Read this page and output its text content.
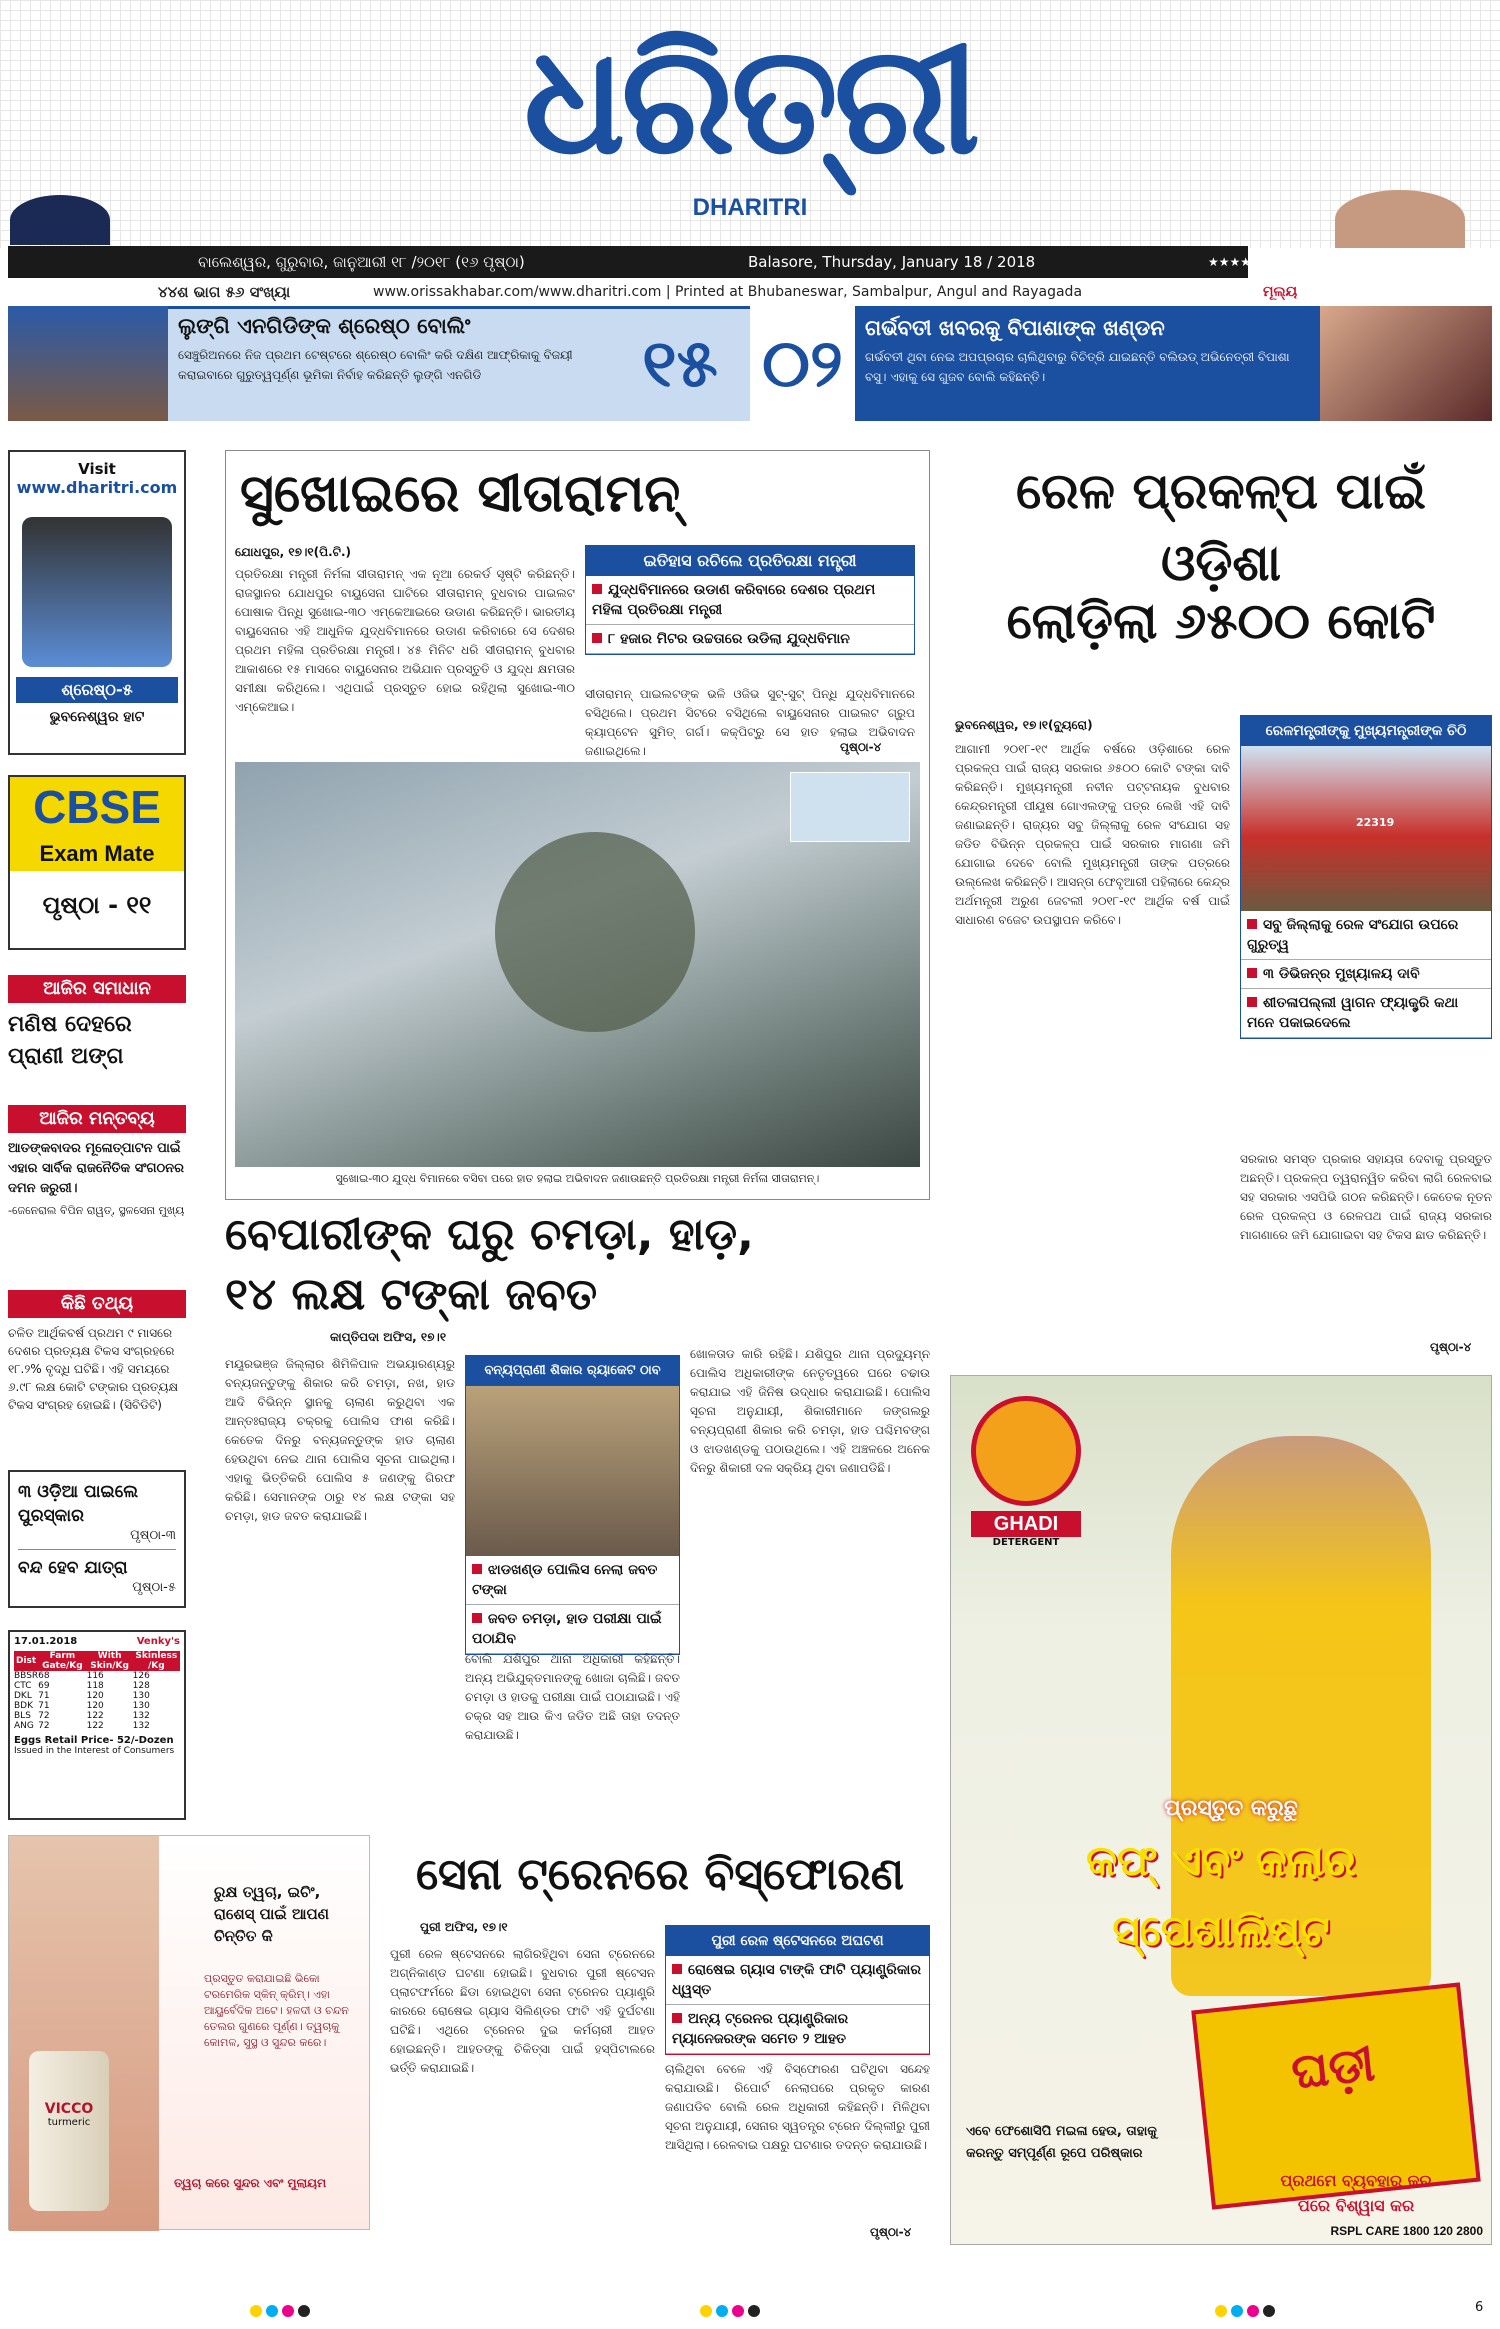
ଧରିତ୍ରୀ
DHARITRI
ବାଲେଶ୍ୱର, ଗୁରୁବାର, ଜାନୁଆରୀ ୧୮ /୨୦୧୮ (୧୬ ପୃଷ୍ଠା)	Balasore, Thursday, January 18 / 2018	★★★★
୪୪ଶ ଭାଗ ୫୬ ସଂଖ୍ୟା	www.orissakhabar.com/www.dharitri.com | Printed at Bhubaneswar, Sambalpur, Angul and Rayagada	ମୂଲ୍ୟ
ଲୁଙ୍ଗି ଏନଗିଡିଙ୍କ ଶ୍ରେଷ୍ଠ ବୋଲିଂ
ସେଞ୍ଚୁରିଅନରେ ନିଜ ପ୍ରଥମ ଟେଷ୍ଟରେ ଶ୍ରେଷ୍ଠ ବୋଲିଂ କରି ଦକ୍ଷିଣ ଆଫ୍ରିକାକୁ ବିଜୟୀ କରାଇବାରେ ଗୁରୁତ୍ୱପୂର୍ଣ୍ଣ ଭୂମିକା ନିର୍ବାହ କରିଛନ୍ତି ଲୁଙ୍ଗି ଏନଗିଡି	୧୫ ୦୨	ଗର୍ଭବତୀ ଖବରକୁ ବିପାଶାଙ୍କ ଖଣ୍ଡନ
ଗର୍ଭବତୀ ଥିବା ନେଇ ଅପପ୍ରଚାର ଚାଲିଥିବାରୁ ବିଚିତ୍ରି ଯାଇଛନ୍ତି ବଲିଉଡ୍ ଅଭିନେତ୍ରୀ ବିପାଶା ବସୁ। ଏହାକୁ ସେ ଗୁଜବ ବୋଲି କହିଛନ୍ତି।
Visit
www.dharitri.com
ଶ୍ରେଷ୍ଠ-୫
ଭୁବନେଶ୍ୱର ହାଟ
CBSE
Exam Mate
ପୃଷ୍ଠା - ୧୧
ଆଜିର ସମାଧାନ
ମଣିଷ ଦେହରେ ପ୍ରାଣୀ ଅଙ୍ଗ
ଆଜିର ମନ୍ତବ୍ୟ
ଆତଙ୍କବାଦର ମୂଳୋତ୍ପାଟନ ପାଇଁ ଏହାର ସାର୍ବିକ ରାଜନୈତିକ ସଂଗଠନର ଦମନ ଜରୁରୀ।
-ଜେନେରାଲ ବିପିନ ରାୱତ୍, ସ୍ଥଳସେନା ମୁଖ୍ୟ
କିଛି ତଥ୍ୟ
ଚଳିତ ଆର୍ଥିକବର୍ଷ ପ୍ରଥମ ୯ ମାସରେ ଦେଶର ପ୍ରତ୍ୟକ୍ଷ ଟିକସ ସଂଗ୍ରହରେ ୧୮.୨% ବୃଦ୍ଧି ଘଟିଛି। ଏହି ସମୟରେ ୬.୯୮ ଲକ୍ଷ କୋଟି ଟଙ୍କାର ପ୍ରତ୍ୟକ୍ଷ ଟିକସ ସଂଗ୍ରହ ହୋଇଛି। (ସିବିଡିଟି)
୩ ଓଡ଼ିଆ ପାଇଲେ ପୁରସ୍କାର
ପୃଷ୍ଠା-୩
ବନ୍ଦ ହେବ ଯାତ୍ରା
ପୃଷ୍ଠା-୫
17.01.2018	Venky's
Dist	Farm Gate/Kg	With Skin/Kg	Skinless /Kg
BBSR	68	116	126
CTC	69	118	128
DKL	71	120	130
BDK	71	120	130
BLS	72	122	132
ANG	72	122	132
Eggs Retail Price- 52/-Dozen
Issued in the Interest of Consumers
ସୁଖୋଇରେ ସୀତାରାମନ୍
ଯୋଧପୁର, ୧୭।୧(ପି.ଟି.)
ପ୍ରତିରକ୍ଷା ମନ୍ତ୍ରୀ ନିର୍ମଳା ସୀତାରାମନ୍ ଏକ ନୂଆ ରେକର୍ଡ ସୃଷ୍ଟି କରିଛନ୍ତି। ରାଜସ୍ଥାନର ଯୋଧପୁର ବାୟୁସେନା ଘାଟିରେ ସୀତାରାମନ୍ ବୁଧବାର ପାଇଲଟ ପୋଷାକ ପିନ୍ଧି ସୁଖୋଇ-୩୦ ଏମ୍‌କେଆଇରେ ଉଡାଣ କରିଛନ୍ତି। ଭାରତୀୟ ବାୟୁସେନାର ଏହି ଆଧୁନିକ ଯୁଦ୍ଧବିମାନରେ ଉଡାଣ କରିବାରେ ସେ ଦେଶର ପ୍ରଥମ ମହିଳା ପ୍ରତିରକ୍ଷା ମନ୍ତ୍ରୀ। ୪୫ ମିନିଟ ଧରି ସୀତାରାମନ୍ ବୁଧବାର ଆକାଶରେ ୧୫ ମାସରେ ବାୟୁସେନାର ଅଭିଯାନ ପ୍ରସ୍ତୁତି ଓ ଯୁଦ୍ଧ କ୍ଷମତାର ସମୀକ୍ଷା କରିଥିଲେ। ଏଥିପାଇଁ ପ୍ରସ୍ତୁତ ହୋଇ ରହିଥିଲା ସୁଖୋଇ-୩୦ ଏମ୍‌କେଆଇ।
ଇତିହାସ ରଚିଲେ ପ୍ରତିରକ୍ଷା ମନ୍ତ୍ରୀ
ଯୁଦ୍ଧବିମାନରେ ଉଡାଣ କରିବାରେ ଦେଶର ପ୍ରଥମ ମହିଳା ପ୍ରତିରକ୍ଷା ମନ୍ତ୍ରୀ
୮ ହଜାର ମିଟର ଉଚ୍ଚତାରେ ଉଡିଲା ଯୁଦ୍ଧବିମାନ
ସୀତାରାମନ୍ ପାଇଲଟଙ୍କ ଭଳି ଓଜିଭ ସୁଟ୍-ସୁଟ୍ ପିନ୍ଧି ଯୁଦ୍ଧବିମାନରେ ବସିଥିଲେ। ପ୍ରଥମ ସିଟରେ ବସିଥିଲେ ବାୟୁସେନାର ପାଇଲଟ ଗ୍ରୁପ କ୍ୟାପ୍ଟେନ ସୁମିତ୍ ଗର୍ଗ। କକ୍‌ପିଟ୍‌ରୁ ସେ ହାତ ହଲାଇ ଅଭିବାଦନ ଜଣାଇଥିଲେ।	ପୃଷ୍ଠା-୪
ସୁଖୋଇ-୩୦ ଯୁଦ୍ଧ ବିମାନରେ ବସିବା ପରେ ହାତ ହଲାଇ ଅଭିବାଦନ ଜଣାଉଛନ୍ତି ପ୍ରତିରକ୍ଷା ମନ୍ତ୍ରୀ ନିର୍ମଳା ସୀତାରାମନ୍।
ରେଳ ପ୍ରକଳ୍ପ ପାଇଁ ଓଡ଼ିଶା
ଲୋଡ଼ିଲା ୬୫୦୦ କୋଟି
ଭୁବନେଶ୍ୱର, ୧୭।୧(ବ୍ୟୁରୋ)
ଆଗାମୀ ୨୦୧୮-୧୯ ଆର୍ଥିକ ବର୍ଷରେ ଓଡ଼ିଶାରେ ରେଳ ପ୍ରକଳ୍ପ ପାଇଁ ରାଜ୍ୟ ସରକାର ୬୫୦୦ କୋଟି ଟଙ୍କା ଦାବି କରିଛନ୍ତି। ମୁଖ୍ୟମନ୍ତ୍ରୀ ନବୀନ ପଟ୍ଟନାୟକ ବୁଧବାର କେନ୍ଦ୍ରମନ୍ତ୍ରୀ ପୀୟୂଷ ଗୋଏଲଙ୍କୁ ପତ୍ର ଲେଖି ଏହି ଦାବି ଜଣାଇଛନ୍ତି। ରାଜ୍ୟର ସବୁ ଜିଲ୍ଲାକୁ ରେଳ ସଂଯୋଗ ସହ ଜଡିତ ବିଭିନ୍ନ ପ୍ରକଳ୍ପ ପାଇଁ ସରକାର ମାଗଣା ଜମି ଯୋଗାଇ ଦେବେ ବୋଲି ମୁଖ୍ୟମନ୍ତ୍ରୀ ତାଙ୍କ ପତ୍ରରେ ଉଲ୍ଲେଖ କରିଛନ୍ତି। ଆସନ୍ତା ଫେବୃଆରୀ ପହିଲାରେ କେନ୍ଦ୍ର ଅର୍ଥମନ୍ତ୍ରୀ ଅରୁଣ ଜେଟଲୀ ୨୦୧୮-୧୯ ଆର୍ଥିକ ବର୍ଷ ପାଇଁ ସାଧାରଣ ବଜେଟ ଉପସ୍ଥାପନ କରିବେ।
ରେଳମନ୍ତ୍ରୀଙ୍କୁ ମୁଖ୍ୟମନ୍ତ୍ରୀଙ୍କ ଚିଠି
22319
ସବୁ ଜିଲ୍ଲାକୁ ରେଳ ସଂଯୋଗ ଉପରେ ଗୁରୁତ୍ୱ
୩ ଡିଭିଜନ୍‌ର ମୁଖ୍ୟାଳୟ ଦାବି
ଶୀତଳାପଲ୍ଲୀ ୱାଗନ ଫ୍ୟାକ୍ଟ୍ରି କଥା ମନେ ପକାଇଦେଲେ
ସରକାର ସମସ୍ତ ପ୍ରକାର ସହାୟତା ଦେବାକୁ ପ୍ରସ୍ତୁତ ଅଛନ୍ତି। ପ୍ରକଳ୍ପ ତ୍ୱରାନ୍ୱିତ କରିବା ଲାଗି ରେଳବାଇ ସହ ସରକାର ଏସପିଭି ଗଠନ କରିଛନ୍ତି। କେତେକ ନୂତନ ରେଳ ପ୍ରକଳ୍ପ ଓ ରେଳପଥ ପାଇଁ ରାଜ୍ୟ ସରକାର ମାଗଣାରେ ଜମି ଯୋଗାଇବା ସହ ଟିକସ ଛାଡ କରିଛନ୍ତି।
ପୃଷ୍ଠା-୪
ବେପାରୀଙ୍କ ଘରୁ ଚମଡ଼ା, ହାଡ଼,
୧୪ ଲକ୍ଷ ଟଙ୍କା ଜବତ
କାପ୍ତିପଦା ଅଫିସ, ୧୭।୧
ମୟୂରଭଞ୍ଜ ଜିଲ୍ଲାର ଶିମିଳିପାଳ ଅଭୟାରଣ୍ୟରୁ ବନ୍ୟଜନ୍ତୁଙ୍କୁ ଶିକାର କରି ଚମଡ଼ା, ନଖ, ହାଡ ଆଦି ବିଭିନ୍ନ ସ୍ଥାନକୁ ଚାଲାଣ କରୁଥିବା ଏକ ଆନ୍ତଃରାଜ୍ୟ ଚକ୍ରକୁ ପୋଲିସ ଫାଶ କରିଛି। କେତେକ ଦିନରୁ ବନ୍ୟଜନ୍ତୁଙ୍କ ହାଡ ଚାଲାଣ ହେଉଥିବା ନେଇ ଥାନା ପୋଲିସ ସୂଚନା ପାଇଥିଲା। ଏହାକୁ ଭିତ୍ତିକରି ପୋଲିସ ୫ ଜଣଙ୍କୁ ଗିରଫ କରିଛି। ସେମାନଙ୍କ ଠାରୁ ୧୪ ଲକ୍ଷ ଟଙ୍କା ସହ ଚମଡ଼ା, ହାଡ ଜବତ କରାଯାଇଛି।
ବନ୍ୟପ୍ରାଣୀ ଶିକାର ର୍‍ୟାକେଟ ଠାବ
ଝାଡଖଣ୍ଡ ପୋଲିସ ନେଲା ଜବତ ଟଙ୍କା
ଜବତ ଚମଡ଼ା, ହାଡ ପରୀକ୍ଷା ପାଇଁ ପଠାଯିବ
ଖୋଳତାଡ କାରି ରହିଛି। ଯଶିପୁର ଥାନା ପ୍ରଦ୍ୟୁମ୍ନ ପୋଲିସ ଅଧିକାରୀଙ୍କ ନେତୃତ୍ୱରେ ଘରେ ଚଢାଉ କରାଯାଇ ଏହି ଜିନିଷ ଉଦ୍ଧାର କରାଯାଇଛି। ପୋଲିସ ସୂଚନା ଅନୁଯାୟୀ, ଶିକାରୀମାନେ ଜଙ୍ଗଲରୁ ବନ୍ୟପ୍ରାଣୀ ଶିକାର କରି ଚମଡ଼ା, ହାଡ ପଶ୍ଚିମବଙ୍ଗ ଓ ଝାଡଖଣ୍ଡକୁ ପଠାଉଥିଲେ। ଏହି ଅଞ୍ଚଳରେ ଅନେକ ଦିନରୁ ଶିକାରୀ ଦଳ ସକ୍ରିୟ ଥିବା ଜଣାପଡିଛି।
ବୋଲି ଯଶିପୁର ଥାନା ଅଧିକାରୀ କହିଛନ୍ତି। ଅନ୍ୟ ଅଭିଯୁକ୍ତମାନଙ୍କୁ ଖୋଜା ଚାଲିଛି। ଜବତ ଚମଡ଼ା ଓ ହାଡକୁ ପରୀକ୍ଷା ପାଇଁ ପଠାଯାଇଛି। ଏହି ଚକ୍ର ସହ ଆଉ କିଏ ଜଡିତ ଅଛି ତାହା ତଦନ୍ତ କରାଯାଉଛି।
ରୁକ୍ଷ ତ୍ୱଚା, ଇଚିଂ, ରାଶେସ୍ ପାଇଁ ଆପଣ ଚିନ୍ତିତ କି
ପ୍ରସ୍ତୁତ କରାଯାଇଛି ଭିକୋ ଟରମେରିକ ସ୍କିନ୍ କ୍ରିମ୍। ଏହା ଆୟୁର୍ବେଦିକ ଅଟେ। ହଳଦୀ ଓ ଚନ୍ଦନ ତେଲର ଗୁଣରେ ପୂର୍ଣ୍ଣ। ତ୍ୱଚାକୁ କୋମଳ, ସୁସ୍ଥ ଓ ସୁନ୍ଦର କରେ।
VICCO
turmeric
ତ୍ୱଚା କରେ ସୁନ୍ଦର ଏବଂ ମୁଲାୟମ
ସେନା ଟ୍ରେନରେ ବିସ୍ଫୋରଣ
ପୁରୀ ଅଫିସ, ୧୭।୧
ପୁରୀ ରେଳ ଷ୍ଟେସନରେ ଲାଗିରହିଥିବା ସେନା ଟ୍ରେନରେ ଅଗ୍ନିକାଣ୍ଡ ଘଟଣା ହୋଇଛି। ବୁଧବାର ପୁରୀ ଷ୍ଟେସନ ପ୍ଲାଟଫର୍ମରେ ଛିଡା ହୋଇଥିବା ସେନା ଟ୍ରେନର ପ୍ୟାଣ୍ଟ୍ରି କାରରେ ରୋଷେଇ ଗ୍ୟାସ ସିଲିଣ୍ଡର ଫାଟି ଏହି ଦୁର୍ଘଟଣା ଘଟିଛି। ଏଥିରେ ଟ୍ରେନର ଦୁଇ କର୍ମଚାରୀ ଆହତ ହୋଇଛନ୍ତି। ଆହତଙ୍କୁ ଚିକିତ୍ସା ପାଇଁ ହସ୍ପିଟାଲରେ ଭର୍ତ୍ତି କରାଯାଇଛି।
ପୁରୀ ରେଳ ଷ୍ଟେସନରେ ଅଘଟଣ
ରୋଷେଇ ଗ୍ୟାସ ଟାଙ୍କି ଫାଟି ପ୍ୟାଣ୍ଟ୍ରିକାର ଧ୍ୱସ୍ତ
ଅନ୍ୟ ଟ୍ରେନର ପ୍ୟାଣ୍ଟ୍ରିକାର ମ୍ୟାନେଜରଙ୍କ ସମେତ ୨ ଆହତ
ଚାଲିଥିବା ବେଳେ ଏହି ବିସ୍ଫୋରଣ ଘଟିଥିବା ସନ୍ଦେହ କରାଯାଉଛି। ରିପୋର୍ଟ ନେଲାପରେ ପ୍ରକୃତ କାରଣ ଜଣାପଡିବ ବୋଲି ରେଳ ଅଧିକାରୀ କହିଛନ୍ତି। ମିଳିଥିବା ସୂଚନା ଅନୁଯାୟୀ, ସେନାର ସ୍ୱତନ୍ତ୍ର ଟ୍ରେନ ଦିଲ୍ଲୀରୁ ପୁରୀ ଆସିଥିଲା। ରେଳବାଇ ପକ୍ଷରୁ ଘଟଣାର ତଦନ୍ତ କରାଯାଉଛି।
ପୃଷ୍ଠା-୪
GHADI
DETERGENT
ପ୍ରସ୍ତୁତ କରୁଛୁ
କଫ୍ ଏବଂ କଲାର
ସ୍ପେଶାଲିଷ୍ଟ
ଏବେ ଫେଶୋସିପି ମଇଳା ହେଉ, ତାହାକୁ କରନ୍ତୁ ସମ୍ପୂର୍ଣ୍ଣ ରୂପେ ପରିଷ୍କାର
ଘଡ଼ୀ
ପ୍ରଥମେ ବ୍ୟବହାର କର
ପରେ ବିଶ୍ୱାସ କର
RSPL CARE 1800 120 2800
6
